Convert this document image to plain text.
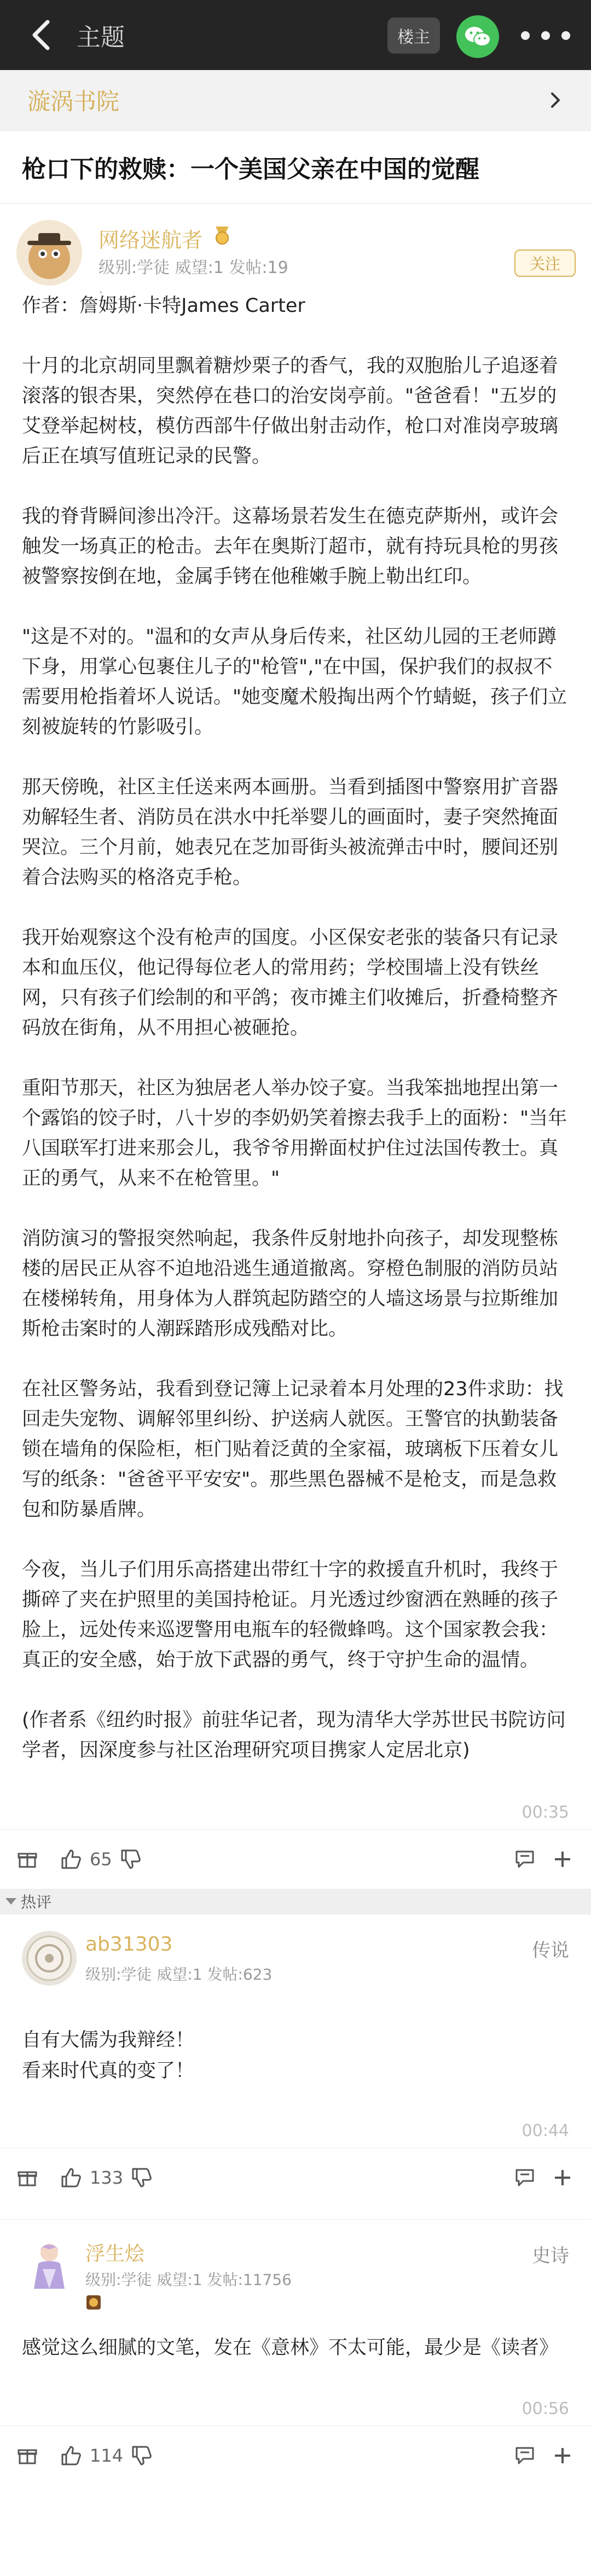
主题	楼主
漩涡书院
枪口下的救赎：一个美国父亲在中国的觉醒
网络迷航者
级别:学徒 威望:1 发帖:19
.
关注

作者：詹姆斯·卡特James Carter

十月的北京胡同里飘着糖炒栗子的香气，我的双胞胎儿子追逐着滚落的银杏果，突然停在巷口的治安岗亭前。"爸爸看！"五岁的艾登举起树枝，模仿西部牛仔做出射击动作，枪口对准岗亭玻璃后正在填写值班记录的民警。

我的脊背瞬间渗出冷汗。这幕场景若发生在德克萨斯州，或许会触发一场真正的枪击。去年在奥斯汀超市，就有持玩具枪的男孩被警察按倒在地，金属手铐在他稚嫩手腕上勒出红印。

"这是不对的。"温和的女声从身后传来，社区幼儿园的王老师蹲下身，用掌心包裹住儿子的"枪管","在中国，保护我们的叔叔不需要用枪指着坏人说话。"她变魔术般掏出两个竹蜻蜓，孩子们立刻被旋转的竹影吸引。

那天傍晚，社区主任送来两本画册。当看到插图中警察用扩音器劝解轻生者、消防员在洪水中托举婴儿的画面时，妻子突然掩面哭泣。三个月前，她表兄在芝加哥街头被流弹击中时，腰间还别着合法购买的格洛克手枪。

我开始观察这个没有枪声的国度。小区保安老张的装备只有记录本和血压仪，他记得每位老人的常用药；学校围墙上没有铁丝网，只有孩子们绘制的和平鸽；夜市摊主们收摊后，折叠椅整齐码放在街角，从不用担心被砸抢。

重阳节那天，社区为独居老人举办饺子宴。当我笨拙地捏出第一个露馅的饺子时，八十岁的李奶奶笑着擦去我手上的面粉："当年八国联军打进来那会儿，我爷爷用擀面杖护住过法国传教士。真正的勇气，从来不在枪管里。"

消防演习的警报突然响起，我条件反射地扑向孩子，却发现整栋楼的居民正从容不迫地沿逃生通道撤离。穿橙色制服的消防员站在楼梯转角，用身体为人群筑起防踏空的人墙这场景与拉斯维加斯枪击案时的人潮踩踏形成残酷对比。

在社区警务站，我看到登记簿上记录着本月处理的23件求助：找回走失宠物、调解邻里纠纷、护送病人就医。王警官的执勤装备锁在墙角的保险柜，柜门贴着泛黄的全家福，玻璃板下压着女儿写的纸条："爸爸平平安安"。那些黑色器械不是枪支，而是急救包和防暴盾牌。

今夜，当儿子们用乐高搭建出带红十字的救援直升机时，我终于撕碎了夹在护照里的美国持枪证。月光透过纱窗洒在熟睡的孩子脸上，远处传来巡逻警用电瓶车的轻微蜂鸣。这个国家教会我：真正的安全感，始于放下武器的勇气，终于守护生命的温情。

(作者系《纽约时报》前驻华记者，现为清华大学苏世民书院访问学者，因深度参与社区治理研究项目携家人定居北京)

00:35
65
热评
ab31303
级别:学徒 威望:1 发帖:623
传说
自有大儒为我辩经！
看来时代真的变了！
00:44
133
浮生烩
级别:学徒 威望:1 发帖:11756
史诗
感觉这么细腻的文笔，发在《意林》不太可能，最少是《读者》
00:56
114
